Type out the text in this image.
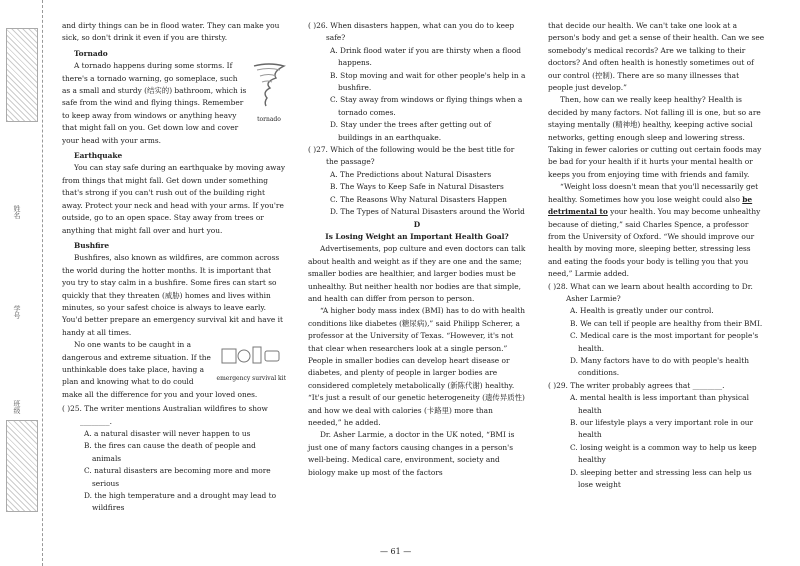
姓名
学号
班级

and dirty things can be in flood water. They can make you sick, so don't drink it even if you are thirsty.

Tornado

tornado

A tornado happens during some storms. If there's a tornado warning, go someplace, such as a small and sturdy (结实的) bathroom, which is safe from the wind and flying things. Remember to keep away from windows or anything heavy that might fall on you. Get down low and cover your head with your arms.

Earthquake

You can stay safe during an earthquake by moving away from things that might fall. Get down under something that's strong if you can't rush out of the building right away. Protect your neck and head with your arms. If you're outside, go to an open space. Stay away from trees or anything that might fall over and hurt you.

Bushfire

Bushfires, also known as wildfires, are common across the world during the hotter months. It is important that you try to stay calm in a bushfire. Some fires can start so quickly that they threaten (威胁) homes and lives within minutes, so your safest choice is always to leave early. You'd better prepare an emergency survival kit and have it handy at all times.

emergency survival kit

No one wants to be caught in a dangerous and extreme situation. If the unthinkable does take place, having a plan and knowing what to do could make all the difference for you and your loved ones.

( )25. The writer mentions Australian wildfires to show ________.

A. a natural disaster will never happen to us

B. the fires can cause the death of people and animals

C. natural disasters are becoming more and more serious

D. the high temperature and a drought may lead to wildfires

( )26. When disasters happen, what can you do to keep safe?

A. Drink flood water if you are thirsty when a flood happens.

B. Stop moving and wait for other people's help in a bushfire.

C. Stay away from windows or flying things when a tornado comes.

D. Stay under the trees after getting out of buildings in an earthquake.

( )27. Which of the following would be the best title for the passage?

A. The Predictions about Natural Disasters

B. The Ways to Keep Safe in Natural Disasters

C. The Reasons Why Natural Disasters Happen

D. The Types of Natural Disasters around the World

D

Is Losing Weight an Important Health Goal?

Advertisements, pop culture and even doctors can talk about health and weight as if they are one and the same; smaller bodies are healthier, and larger bodies must be unhealthy. But neither health nor bodies are that simple, and health can differ from person to person.

“A higher body mass index (BMI) has to do with health conditions like diabetes (糖尿病),” said Philipp Scherer, a professor at the University of Texas. “However, it's not that clear when researchers look at a single person.” People in smaller bodies can develop heart disease or diabetes, and plenty of people in larger bodies are considered completely metabolically (新陈代谢) healthy. “It's just a result of our genetic heterogeneity (遗传异质性) and how we deal with calories (卡路里) more than needed,” he added.

Dr. Asher Larmie, a doctor in the UK noted, “BMI is just one of many factors causing changes in a person's well-being. Medical care, environment, society and biology make up most of the factors

that decide our health. We can't take one look at a person's body and get a sense of their health. Can we see somebody's medical records? Are we talking to their doctors? And often health is honestly sometimes out of our control (控制). There are so many illnesses that people just develop.”

Then, how can we really keep healthy? Health is decided by many factors. Not falling ill is one, but so are staying mentally (精神地) healthy, keeping active social networks, getting enough sleep and lowering stress. Taking in fewer calories or cutting out certain foods may be bad for your health if it hurts your mental health or keeps you from enjoying time with friends and family.

“Weight loss doesn't mean that you'll necessarily get healthy. Sometimes how you lose weight could also be detrimental to your health. You may become unhealthy because of dieting,” said Charles Spence, a professor from the University of Oxford. “We should improve our health by moving more, sleeping better, stressing less and eating the foods your body is telling you that you need,” Larmie added.

( )28. What can we learn about health according to Dr. Asher Larmie?

A. Health is greatly under our control.

B. We can tell if people are healthy from their BMI.

C. Medical care is the most important for people's health.

D. Many factors have to do with people's health conditions.

( )29. The writer probably agrees that ________.

A. mental health is less important than physical health

B. our lifestyle plays a very important role in our health

C. losing weight is a common way to help us keep healthy

D. sleeping better and stressing less can help us lose weight

— 61 —
